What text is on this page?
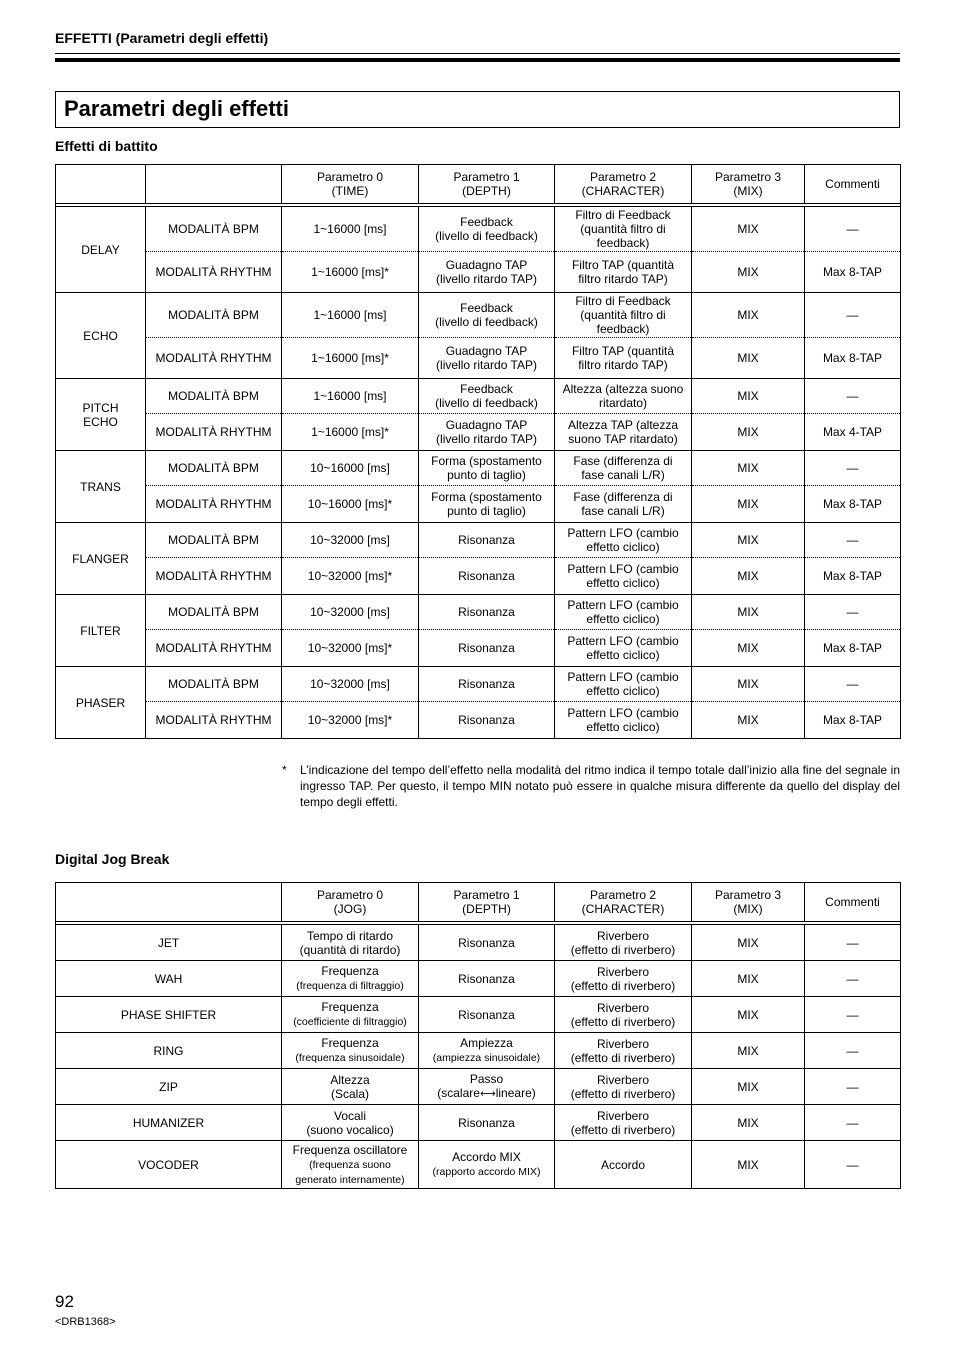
EFFETTI (Parametri degli effetti)
Parametri degli effetti
Effetti di battito
		Parametro 0
(TIME)	Parametro 1
(DEPTH)	Parametro 2
(CHARACTER)	Parametro 3
(MIX)	Commenti

DELAY	MODALITÀ BPM	1~16000 [ms]	Feedback
(livello di feedback)	Filtro di Feedback
(quantità filtro di
feedback)	MIX	—
	MODALITÀ RHYTHM	1~16000 [ms]*	Guadagno TAP
(livello ritardo TAP)	Filtro TAP (quantità
filtro ritardo TAP)	MIX	Max 8-TAP
ECHO	MODALITÀ BPM	1~16000 [ms]	Feedback
(livello di feedback)	Filtro di Feedback
(quantità filtro di
feedback)	MIX	—
	MODALITÀ RHYTHM	1~16000 [ms]*	Guadagno TAP
(livello ritardo TAP)	Filtro TAP (quantità
filtro ritardo TAP)	MIX	Max 8-TAP
PITCH
ECHO	MODALITÀ BPM	1~16000 [ms]	Feedback
(livello di feedback)	Altezza (altezza suono
ritardato)	MIX	—
	MODALITÀ RHYTHM	1~16000 [ms]*	Guadagno TAP
(livello ritardo TAP)	Altezza TAP (altezza
suono TAP ritardato)	MIX	Max 4-TAP
TRANS	MODALITÀ BPM	10~16000 [ms]	Forma (spostamento
punto di taglio)	Fase (differenza di
fase canali L/R)	MIX	—
	MODALITÀ RHYTHM	10~16000 [ms]*	Forma (spostamento
punto di taglio)	Fase (differenza di
fase canali L/R)	MIX	Max 8-TAP
FLANGER	MODALITÀ BPM	10~32000 [ms]	Risonanza	Pattern LFO (cambio
effetto ciclico)	MIX	—
	MODALITÀ RHYTHM	10~32000 [ms]*	Risonanza	Pattern LFO (cambio
effetto ciclico)	MIX	Max 8-TAP
FILTER	MODALITÀ BPM	10~32000 [ms]	Risonanza	Pattern LFO (cambio
effetto ciclico)	MIX	—
	MODALITÀ RHYTHM	10~32000 [ms]*	Risonanza	Pattern LFO (cambio
effetto ciclico)	MIX	Max 8-TAP
PHASER	MODALITÀ BPM	10~32000 [ms]	Risonanza	Pattern LFO (cambio
effetto ciclico)	MIX	—
	MODALITÀ RHYTHM	10~32000 [ms]*	Risonanza	Pattern LFO (cambio
effetto ciclico)	MIX	Max 8-TAP
* L’indicazione del tempo dell’effetto nella modalità del ritmo indica il tempo totale dall’inizio alla fine del segnale in ingresso TAP. Per questo, il tempo MIN notato può essere in qualche misura differente da quello del display del tempo degli effetti.
Digital Jog Break
	Parametro 0
(JOG)	Parametro 1
(DEPTH)	Parametro 2
(CHARACTER)	Parametro 3
(MIX)	Commenti

JET	Tempo di ritardo
(quantità di ritardo)	Risonanza	Riverbero
(effetto di riverbero)	MIX	—
WAH	Frequenza
(frequenza di filtraggio)	Risonanza	Riverbero
(effetto di riverbero)	MIX	—
PHASE SHIFTER	Frequenza
(coefficiente di filtraggio)	Risonanza	Riverbero
(effetto di riverbero)	MIX	—
RING	Frequenza
(frequenza sinusoidale)	Ampiezza
(ampiezza sinusoidale)	Riverbero
(effetto di riverbero)	MIX	—
ZIP	Altezza
(Scala)	Passo
(scalare⟷lineare)	Riverbero
(effetto di riverbero)	MIX	—
HUMANIZER	Vocali
(suono vocalico)	Risonanza	Riverbero
(effetto di riverbero)	MIX	—
VOCODER	Frequenza oscillatore
(frequenza suono
generato internamente)	Accordo MIX
(rapporto accordo MIX)	Accordo	MIX	—
92
<DRB1368>
